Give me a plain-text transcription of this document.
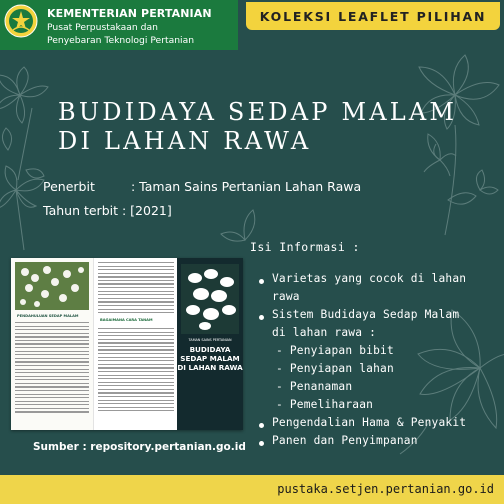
KEMENTERIAN PERTANIAN
Pusat Perpustakaan dan
Penyebaran Teknologi Pertanian
KOLEKSI LEAFLET PILIHAN
BUDIDAYA SEDAP MALAM
DI LAHAN RAWA
Penerbit	: Taman Sains Pertanian Lahan Rawa
Tahun terbit : [2021]
PENDAHULUAN SEDAP MALAM
BAGAIMANA CARA TANAM
TAMAN SAINS PERTANIAN
BUDIDAYA
SEDAP MALAM
DI LAHAN RAWA
Sumber : repository.pertanian.go.id
Isi Informasi :
Varietas yang cocok di lahan
rawa
Sistem Budidaya Sedap Malam
di lahan rawa :
- Penyiapan bibit
- Penyiapan lahan
- Penanaman
- Pemeliharaan
Pengendalian Hama & Penyakit
Panen dan Penyimpanan
pustaka.setjen.pertanian.go.id
